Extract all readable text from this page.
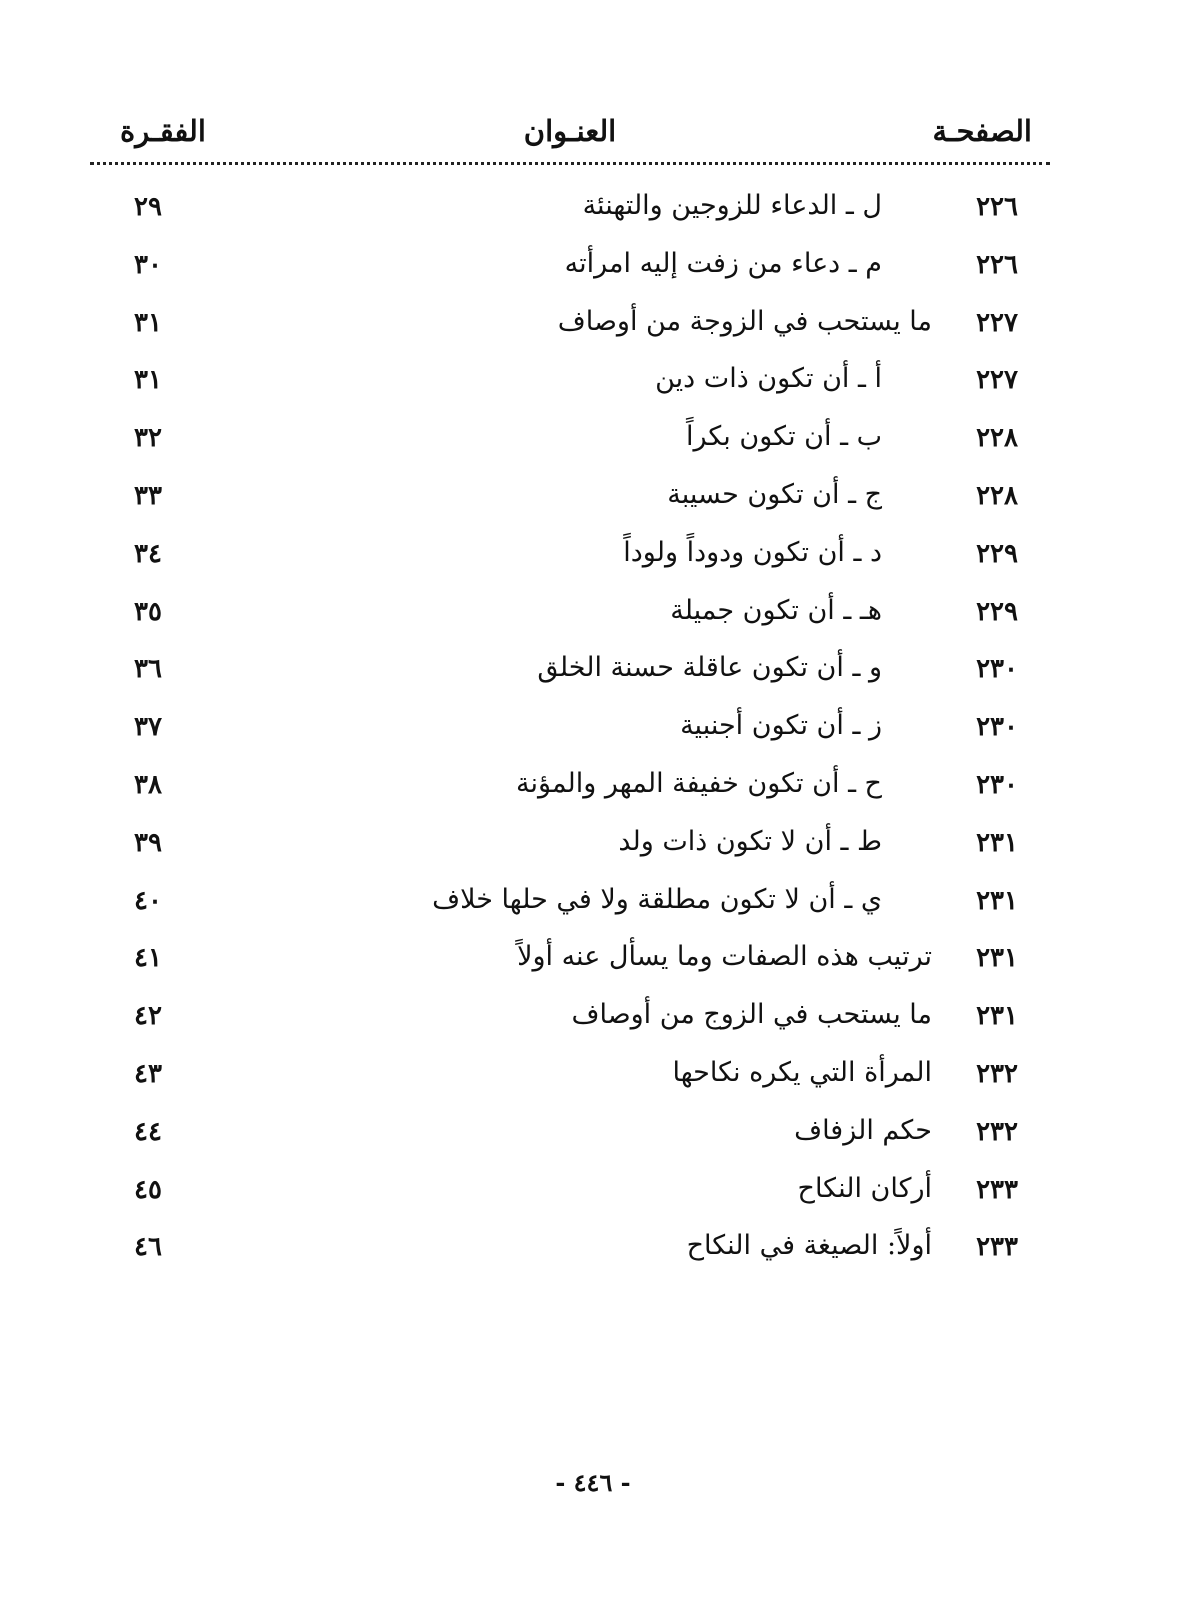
الصفحـة
العنـوان
الفقـرة
٢٢٦
ل ـ الدعاء للزوجين والتهنئة
٢٩
٢٢٦
م ـ دعاء من زفت إليه امرأته
٣٠
٢٢٧
ما يستحب في الزوجة من أوصاف
٣١
٢٢٧
أ ـ أن تكون ذات دين
٣١
٢٢٨
ب ـ أن تكون بكراً
٣٢
٢٢٨
ج ـ أن تكون حسيبة
٣٣
٢٢٩
د ـ أن تكون ودوداً ولوداً
٣٤
٢٢٩
هـ ـ أن تكون جميلة
٣٥
٢٣٠
و ـ أن تكون عاقلة حسنة الخلق
٣٦
٢٣٠
ز ـ أن تكون أجنبية
٣٧
٢٣٠
ح ـ أن تكون خفيفة المهر والمؤنة
٣٨
٢٣١
ط ـ أن لا تكون ذات ولد
٣٩
٢٣١
ي ـ أن لا تكون مطلقة ولا في حلها خلاف
٤٠
٢٣١
ترتيب هذه الصفات وما يسأل عنه أولاً
٤١
٢٣١
ما يستحب في الزوج من أوصاف
٤٢
٢٣٢
المرأة التي يكره نكاحها
٤٣
٢٣٢
حكم الزفاف
٤٤
٢٣٣
أركان النكاح
٤٥
٢٣٣
أولاً: الصيغة في النكاح
٤٦
- ٤٤٦ -
